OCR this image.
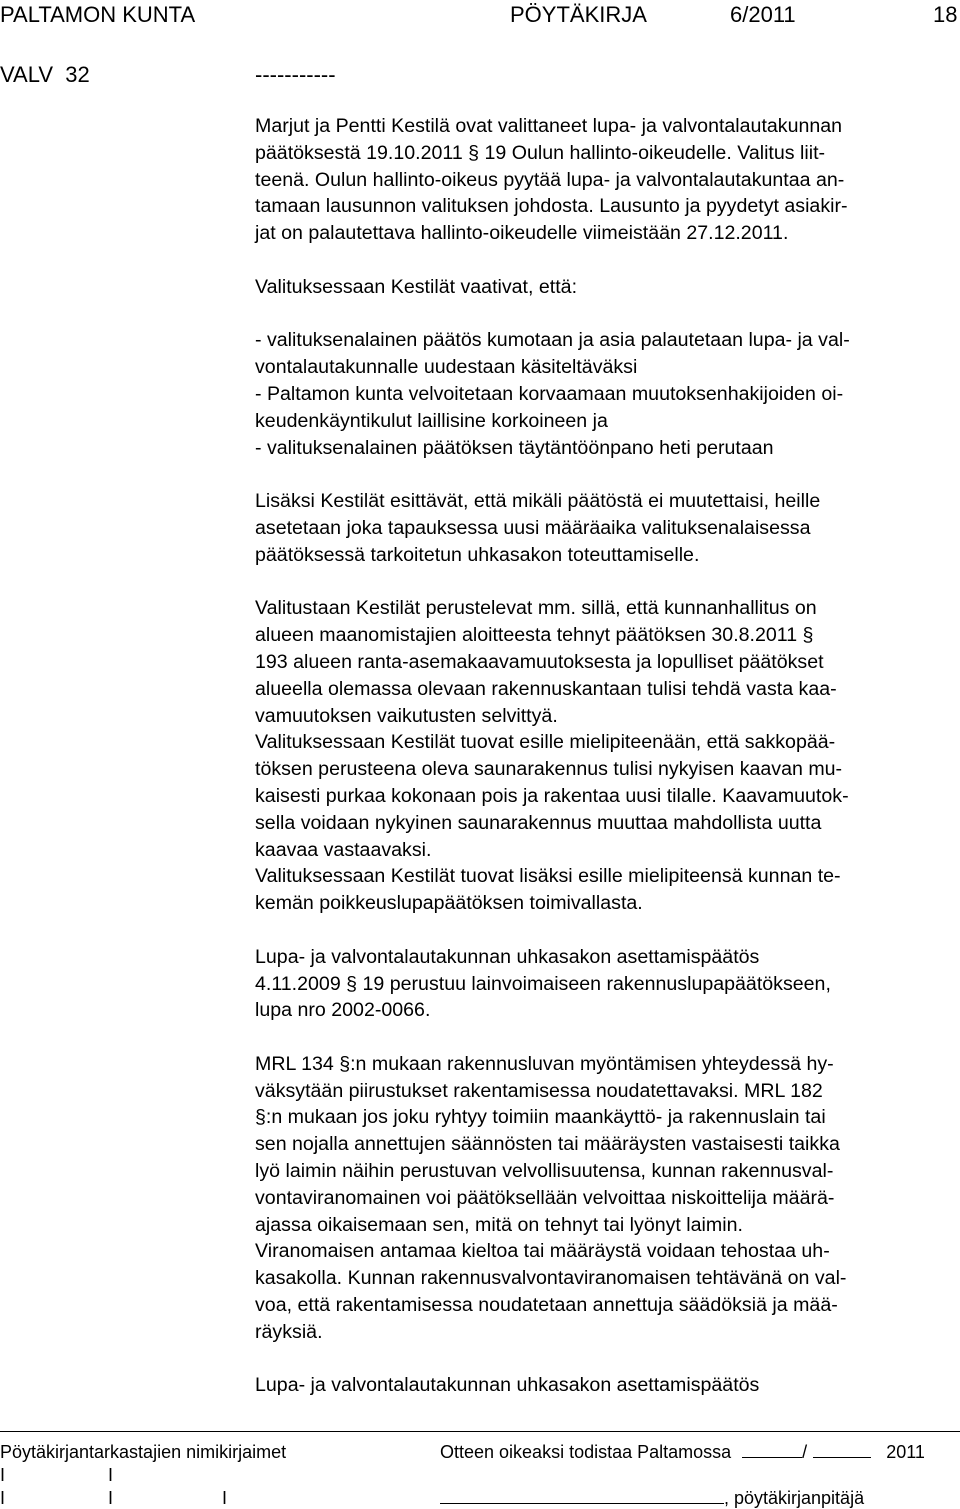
PALTAMON KUNTA	PÖYTÄKIRJA	6/2011	18
VALV  32	-----------

Marjut ja Pentti Kestilä ovat valittaneet lupa- ja valvontalautakunnan

päätöksestä 19.10.2011 § 19 Oulun hallinto-oikeudelle. Valitus liit-

teenä. Oulun hallinto-oikeus pyytää lupa- ja valvontalautakuntaa an-

tamaan lausunnon valituksen johdosta. Lausunto ja pyydetyt asiakir-

jat on palautettava hallinto-oikeudelle viimeistään 27.12.2011.

Valituksessaan Kestilät vaativat, että:

- valituksenalainen päätös kumotaan ja asia palautetaan lupa- ja val-

vontalautakunnalle uudestaan käsiteltäväksi

- Paltamon kunta velvoitetaan korvaamaan muutoksenhakijoiden oi-

keudenkäyntikulut laillisine korkoineen ja

- valituksenalainen päätöksen täytäntöönpano heti perutaan

Lisäksi Kestilät esittävät, että mikäli päätöstä ei muutettaisi, heille

asetetaan joka tapauksessa uusi määräaika valituksenalaisessa

päätöksessä tarkoitetun uhkasakon toteuttamiselle.

Valitustaan Kestilät perustelevat mm. sillä, että kunnanhallitus on

alueen maanomistajien aloitteesta tehnyt päätöksen 30.8.2011 §

193 alueen ranta-asemakaavamuutoksesta ja lopulliset päätökset

alueella olemassa olevaan rakennuskantaan tulisi tehdä vasta kaa-

vamuutoksen vaikutusten selvittyä.

Valituksessaan Kestilät tuovat esille mielipiteenään, että sakkopää-

töksen perusteena oleva saunarakennus tulisi nykyisen kaavan mu-

kaisesti purkaa kokonaan pois ja rakentaa uusi tilalle. Kaavamuutok-

sella voidaan nykyinen saunarakennus muuttaa mahdollista uutta

kaavaa vastaavaksi.

Valituksessaan Kestilät tuovat lisäksi esille mielipiteensä kunnan te-

kemän poikkeuslupapäätöksen toimivallasta.

Lupa- ja valvontalautakunnan uhkasakon asettamispäätös

4.11.2009 § 19 perustuu lainvoimaiseen rakennuslupapäätökseen,

lupa nro 2002-0066.

MRL 134 §:n mukaan rakennusluvan myöntämisen yhteydessä hy-

väksytään piirustukset rakentamisessa noudatettavaksi. MRL 182

§:n mukaan jos joku ryhtyy toimiin maankäyttö- ja rakennuslain tai

sen nojalla annettujen säännösten tai määräysten vastaisesti taikka

lyö laimin näihin perustuvan velvollisuutensa, kunnan rakennusval-

vontaviranomainen voi päätöksellään velvoittaa niskoittelija määrä-

ajassa oikaisemaan sen, mitä on tehnyt tai lyönyt laimin.

Viranomaisen antamaa kieltoa tai määräystä voidaan tehostaa uh-

kasakolla. Kunnan rakennusvalvontaviranomaisen tehtävänä on val-

voa, että rakentamisessa noudatetaan annettuja säädöksiä ja mää-

räyksiä.

Lupa- ja valvontalautakunnan uhkasakon asettamispäätös

Pöytäkirjantarkastajien nimikirjaimet	Otteen oikeaksi todistaa Paltamossa	/	2011
I	I
I	I	I	, pöytäkirjanpitäjä
